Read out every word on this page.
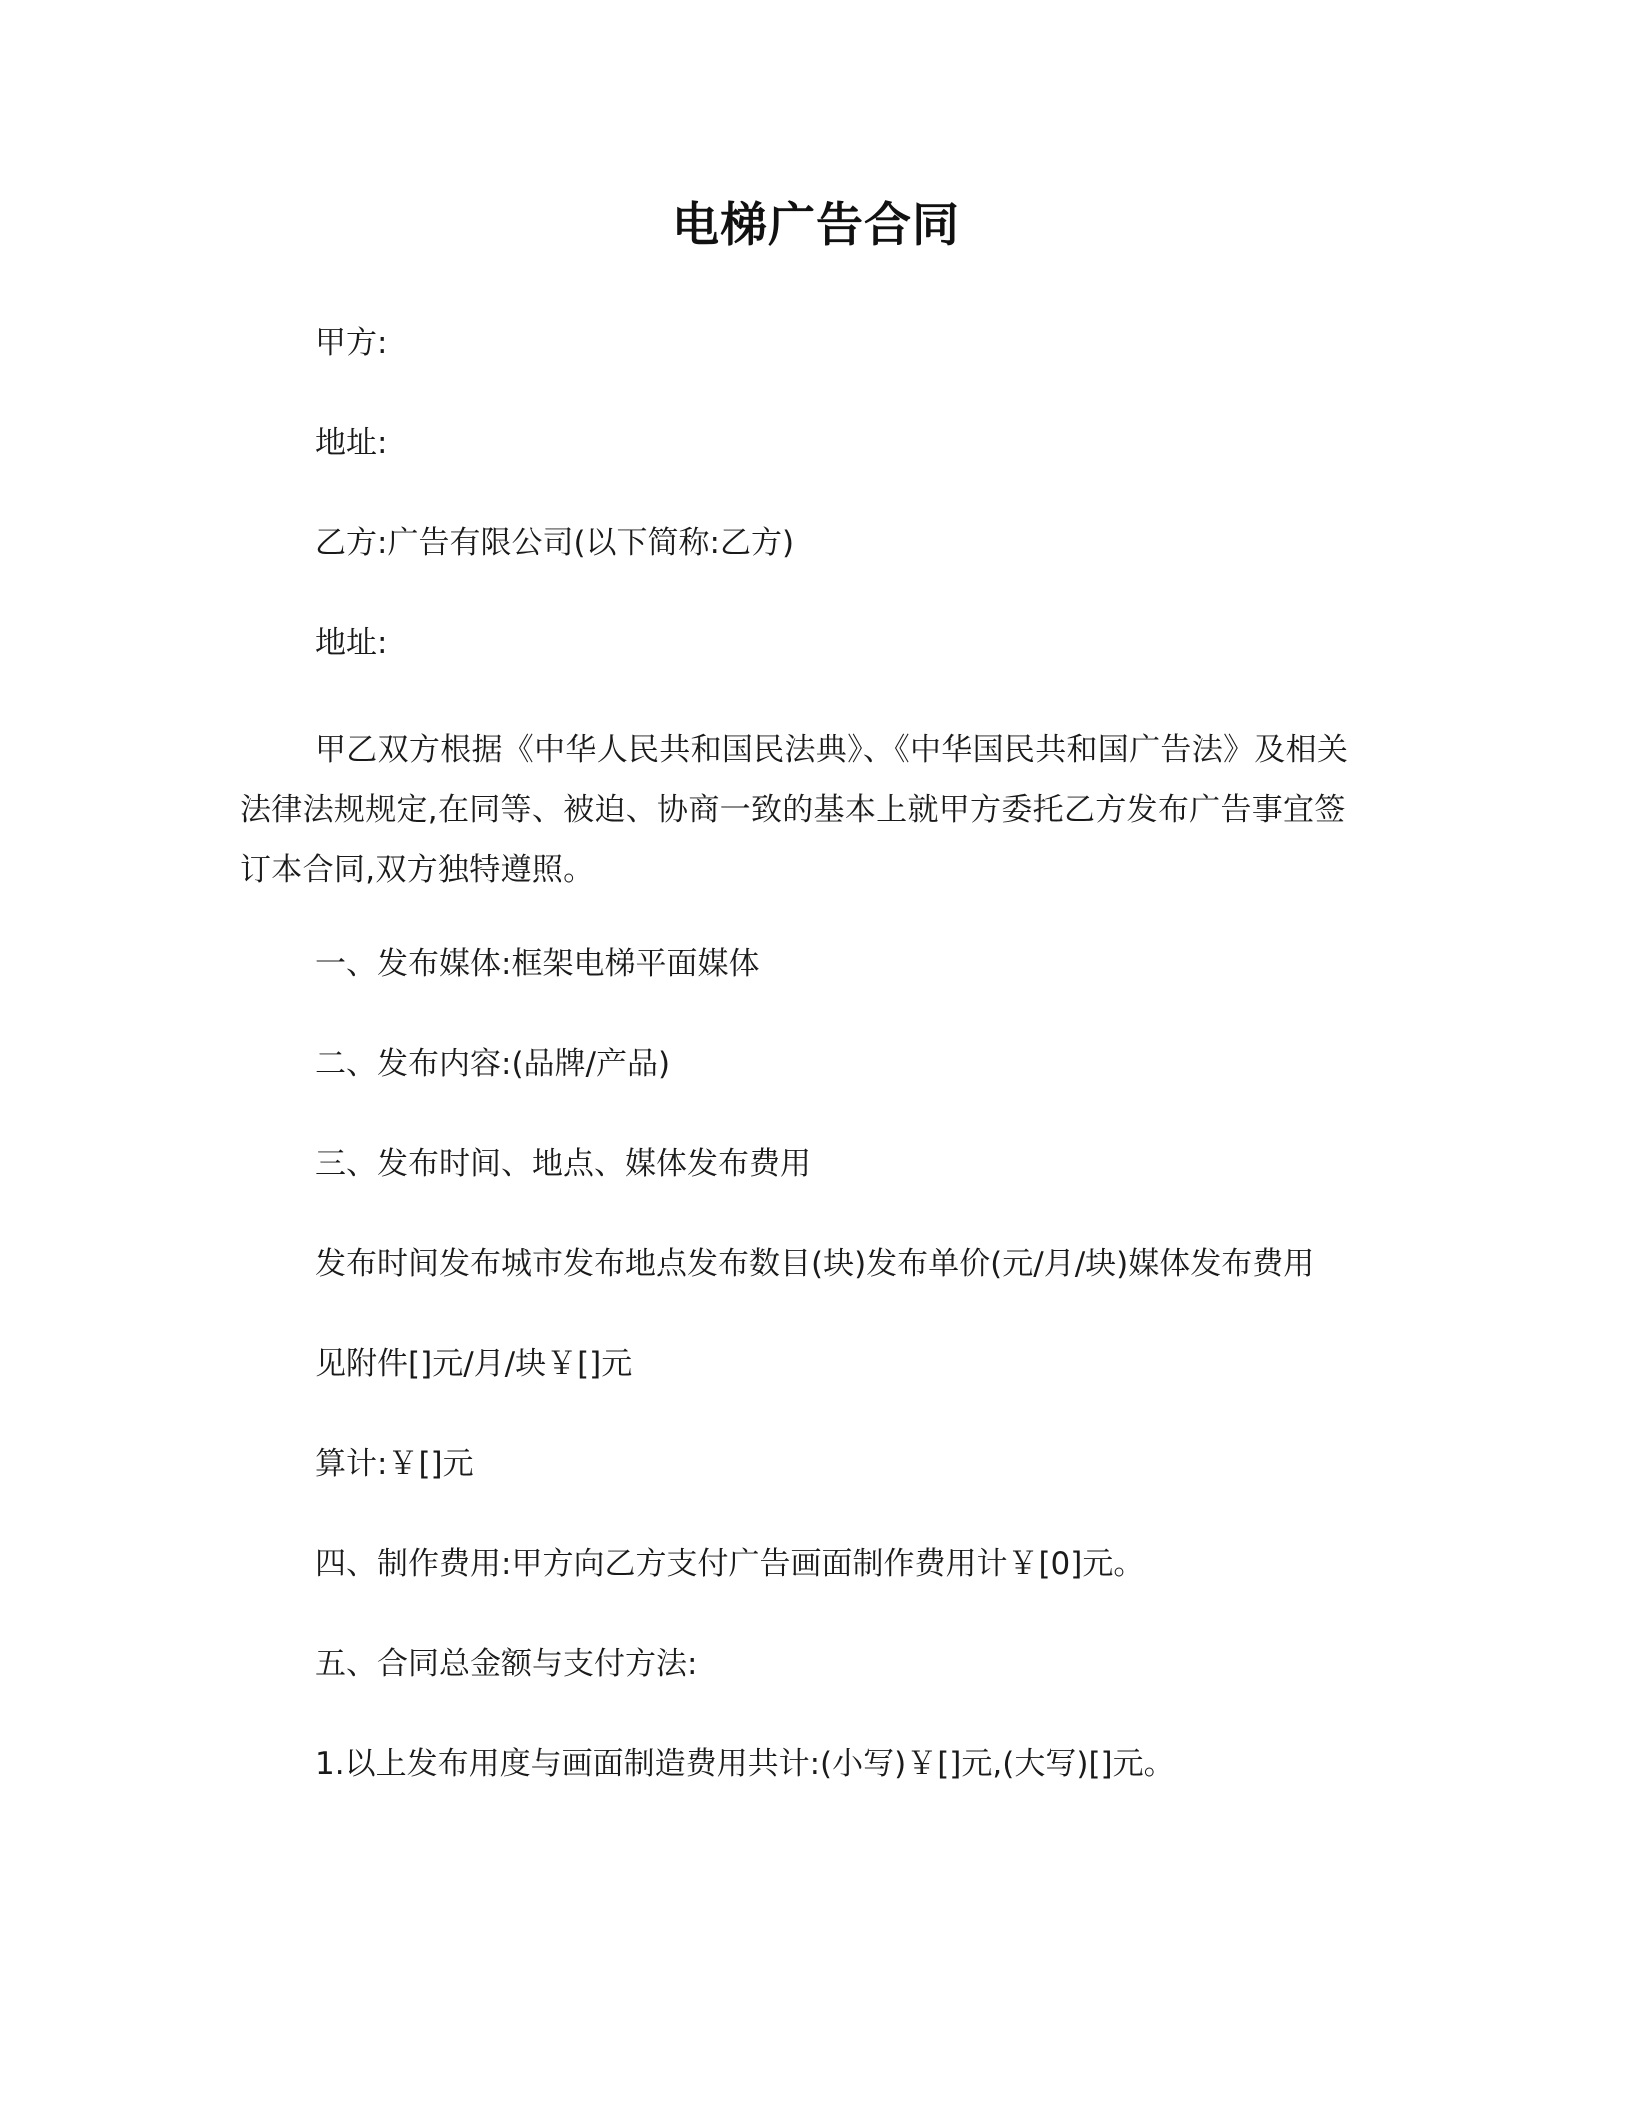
电梯广告合同
甲方:
地址:
乙方:广告有限公司(以下简称:乙方)
地址:
甲乙双方根据《中华人民共和国民法典》、《中华国民共和国广告法》及相关法律法规规定,在同等、被迫、协商一致的基本上就甲方委托乙方发布广告事宜签订本合同,双方独特遵照。
一、发布媒体:框架电梯平面媒体
二、发布内容:(品牌/产品)
三、发布时间、地点、媒体发布费用
发布时间发布城市发布地点发布数目(块)发布单价(元/月/块)媒体发布费用
见附件[]元/月/块￥[]元
算计:￥[]元
四、制作费用:甲方向乙方支付广告画面制作费用计￥[0]元。
五、合同总金额与支付方法:
1.以上发布用度与画面制造费用共计:(小写)￥[]元,(大写)[]元。
